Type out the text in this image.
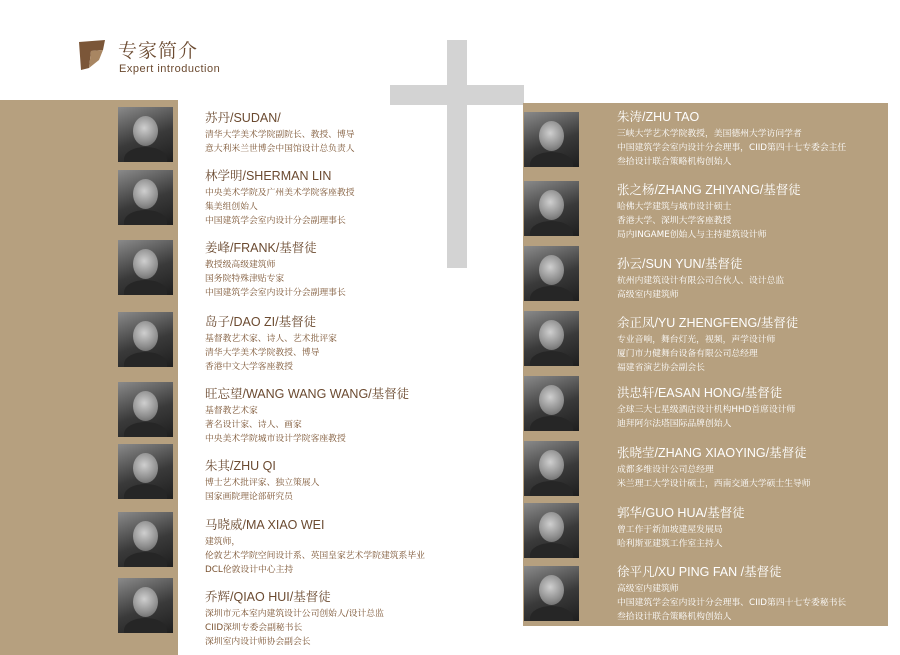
专家简介
Expert introduction
朱涛/ZHU TAO
三峡大学艺术学院教授，美国德州大学访问学者
中国建筑学会室内设计分会理事，CIID第四十七专委会主任
叁拾设计联合策略机构创始人
张之杨/ZHANG ZHIYANG/基督徒
哈佛大学建筑与城市设计硕士
香港大学、深圳大学客座教授
局内INGAME创始人与主持建筑设计师
孙云/SUN YUN/基督徒
杭州内建筑设计有限公司合伙人、设计总监
高级室内建筑师
余正凤/YU ZHENGFENG/基督徒
专业音响，舞台灯光，视频，声学设计师
厦门市力健舞台设备有限公司总经理
福建省演艺协会副会长
洪忠轩/EASAN HONG/基督徒
全球三大七星级酒店设计机构HHD首席设计师
迪拜阿尔法塔国际品牌创始人
张晓莹/ZHANG XIAOYING/基督徒
成都多维设计公司总经理
米兰理工大学设计硕士，西南交通大学硕士生导师
郭华/GUO HUA/基督徒
曾工作于新加坡建屋发展局
哈利斯亚建筑工作室主持人
徐平凡/XU PING FAN /基督徒
高级室内建筑师
中国建筑学会室内设计分会理事、CIID第四十七专委秘书长
叁拾设计联合策略机构创始人
苏丹/SUDAN/
清华大学美术学院副院长、教授、博导
意大利米兰世博会中国馆设计总负责人
林学明/SHERMAN LIN
中央美术学院及广州美术学院客座教授
集美组创始人
中国建筑学会室内设计分会副理事长
姜峰/FRANK/基督徒
教授级高级建筑师
国务院特殊津贴专家
中国建筑学会室内设计分会副理事长
岛子/DAO ZI/基督徒
基督教艺术家、诗人、艺术批评家
清华大学美术学院教授、博导
香港中文大学客座教授
旺忘望/WANG WANG WANG/基督徒
基督教艺术家
著名设计家、诗人、画家
中央美术学院城市设计学院客座教授
朱其/ZHU QI
博士艺术批评家、独立策展人
国家画院理论部研究员
马晓威/MA XIAO WEI
建筑师，
伦敦艺术学院空间设计系、英国皇家艺术学院建筑系毕业
DCL伦敦设计中心主持
乔辉/QIAO HUI/基督徒
深圳市元本室内建筑设计公司创始人/设计总监
CIID深圳专委会副秘书长
深圳室内设计师协会副会长
